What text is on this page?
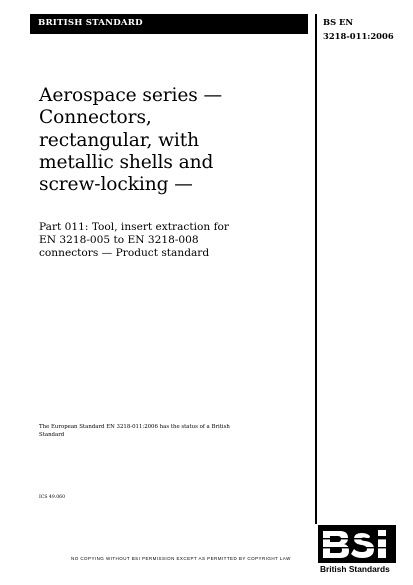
BRITISH STANDARD	BS EN
3218-011:2006
Aerospace series —
Connectors,
rectangular, with
metallic shells and
screw-locking —
Part 011: Tool, insert extraction for
EN 3218-005 to EN 3218-008
connectors — Product standard
The European Standard EN 3218-011:2006 has the status of a British
Standard
ICS 49.060
NO COPYING WITHOUT BSI PERMISSION EXCEPT AS PERMITTED BY COPYRIGHT LAW
British Standards
